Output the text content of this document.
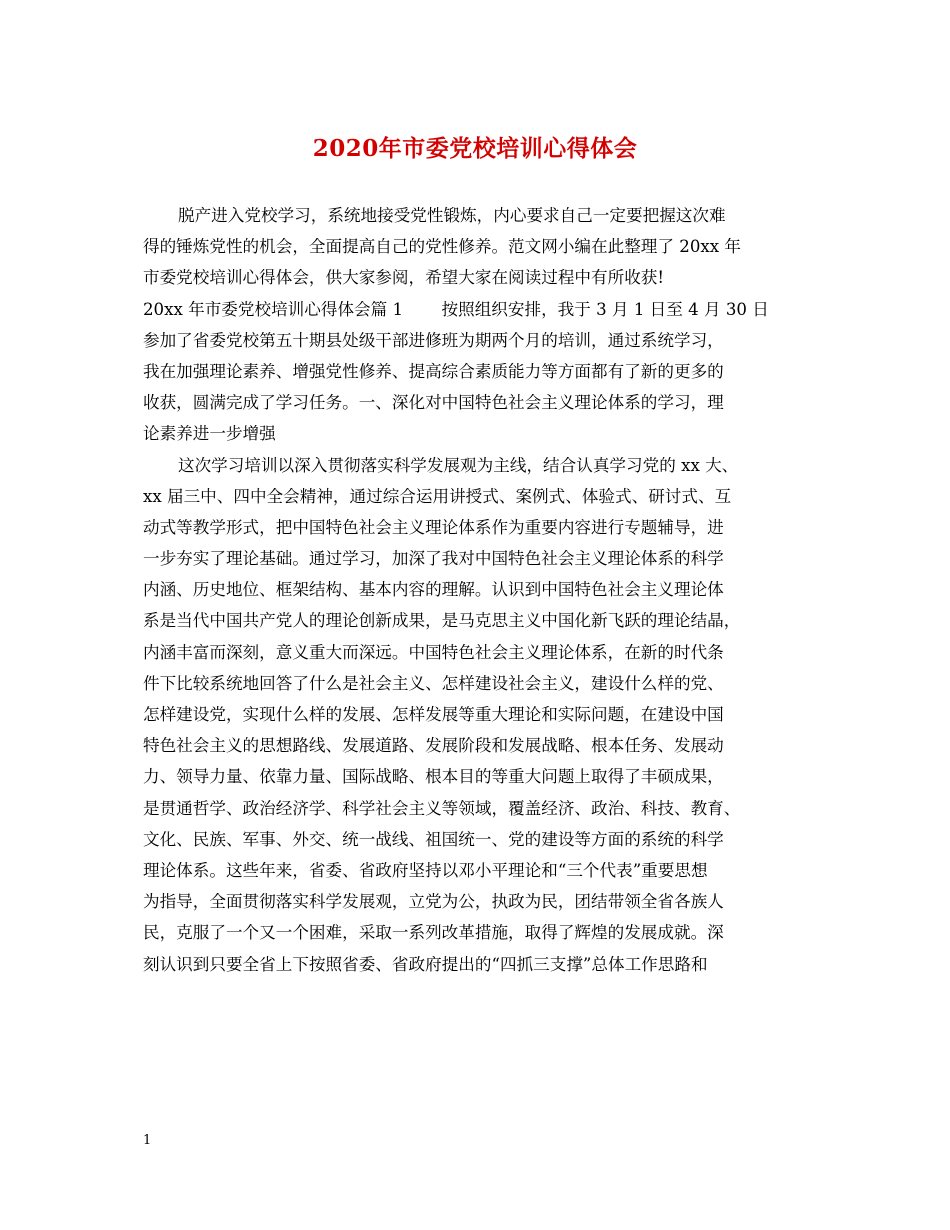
2020年市委党校培训心得体会
脱产进入党校学习，系统地接受党性锻炼，内心要求自己一定要把握这次难
得的锤炼党性的机会，全面提高自己的党性修养。范文网小编在此整理了 20xx 年
市委党校培训心得体会，供大家参阅，希望大家在阅读过程中有所收获!
20xx 年市委党校培训心得体会篇 1　　 按照组织安排，我于 3 月 1 日至 4 月 30 日
参加了省委党校第五十期县处级干部进修班为期两个月的培训，通过系统学习，
我在加强理论素养、增强党性修养、提高综合素质能力等方面都有了新的更多的
收获，圆满完成了学习任务。一、深化对中国特色社会主义理论体系的学习，理
论素养进一步增强
这次学习培训以深入贯彻落实科学发展观为主线，结合认真学习党的 xx 大、
xx 届三中、四中全会精神，通过综合运用讲授式、案例式、体验式、研讨式、互
动式等教学形式，把中国特色社会主义理论体系作为重要内容进行专题辅导，进
一步夯实了理论基础。通过学习，加深了我对中国特色社会主义理论体系的科学
内涵、历史地位、框架结构、基本内容的理解。认识到中国特色社会主义理论体
系是当代中国共产党人的理论创新成果，是马克思主义中国化新飞跃的理论结晶，
内涵丰富而深刻，意义重大而深远。中国特色社会主义理论体系，在新的时代条
件下比较系统地回答了什么是社会主义、怎样建设社会主义，建设什么样的党、
怎样建设党，实现什么样的发展、怎样发展等重大理论和实际问题，在建设中国
特色社会主义的思想路线、发展道路、发展阶段和发展战略、根本任务、发展动
力、领导力量、依靠力量、国际战略、根本目的等重大问题上取得了丰硕成果，
是贯通哲学、政治经济学、科学社会主义等领域，覆盖经济、政治、科技、教育、
文化、民族、军事、外交、统一战线、祖国统一、党的建设等方面的系统的科学
理论体系。这些年来，省委、省政府坚持以邓小平理论和“三个代表”重要思想
为指导，全面贯彻落实科学发展观，立党为公，执政为民，团结带领全省各族人
民，克服了一个又一个困难，采取一系列改革措施，取得了辉煌的发展成就。深
刻认识到只要全省上下按照省委、省政府提出的“四抓三支撑”总体工作思路和
1
